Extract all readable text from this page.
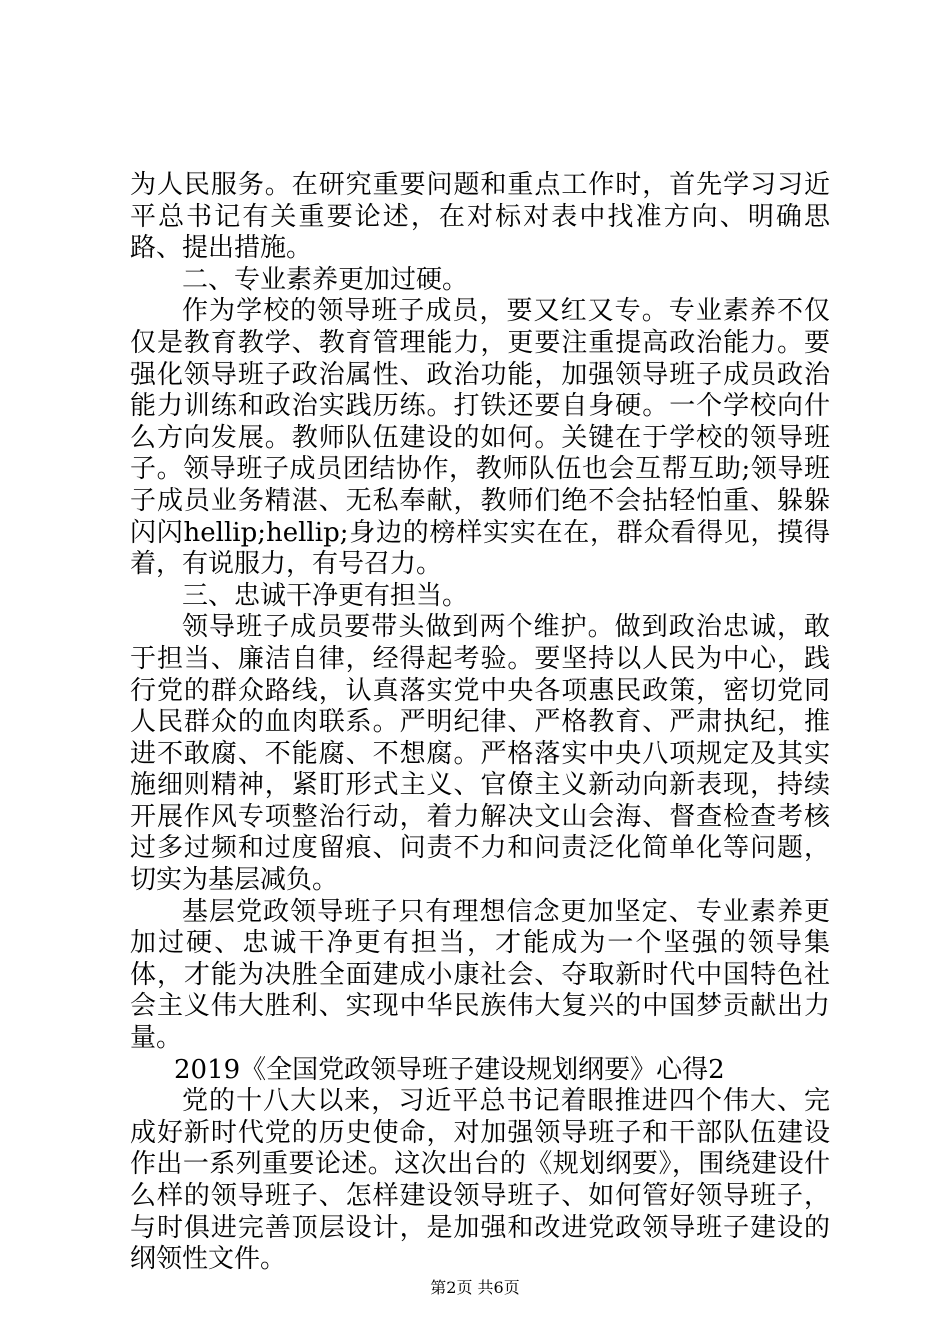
为人民服务。在研究重要问题和重点工作时，首先学习习近平总书记有关重要论述，在对标对表中找准方向、明确思路、提出措施。

二、专业素养更加过硬。

作为学校的领导班子成员，要又红又专。专业素养不仅仅是教育教学、教育管理能力，更要注重提高政治能力。要强化领导班子政治属性、政治功能，加强领导班子成员政治能力训练和政治实践历练。打铁还要自身硬。一个学校向什么方向发展。教师队伍建设的如何。关键在于学校的领导班子。领导班子成员团结协作，教师队伍也会互帮互助;领导班子成员业务精湛、无私奉献，教师们绝不会拈轻怕重、躲躲闪闪hellip;hellip;身边的榜样实实在在，群众看得见，摸得着，有说服力，有号召力。

三、忠诚干净更有担当。

领导班子成员要带头做到两个维护。做到政治忠诚，敢于担当、廉洁自律，经得起考验。要坚持以人民为中心，践行党的群众路线，认真落实党中央各项惠民政策，密切党同人民群众的血肉联系。严明纪律、严格教育、严肃执纪，推进不敢腐、不能腐、不想腐。严格落实中央八项规定及其实施细则精神，紧盯形式主义、官僚主义新动向新表现，持续开展作风专项整治行动，着力解决文山会海、督查检查考核过多过频和过度留痕、问责不力和问责泛化简单化等问题，切实为基层减负。

基层党政领导班子只有理想信念更加坚定、专业素养更加过硬、忠诚干净更有担当，才能成为一个坚强的领导集体，才能为决胜全面建成小康社会、夺取新时代中国特色社会主义伟大胜利、实现中华民族伟大复兴的中国梦贡献出力量。

2019《全国党政领导班子建设规划纲要》心得2

党的十八大以来，习近平总书记着眼推进四个伟大、完成好新时代党的历史使命，对加强领导班子和干部队伍建设作出一系列重要论述。这次出台的《规划纲要》，围绕建设什么样的领导班子、怎样建设领导班子、如何管好领导班子，与时俱进完善顶层设计，是加强和改进党政领导班子建设的纲领性文件。

第2页 共6页
